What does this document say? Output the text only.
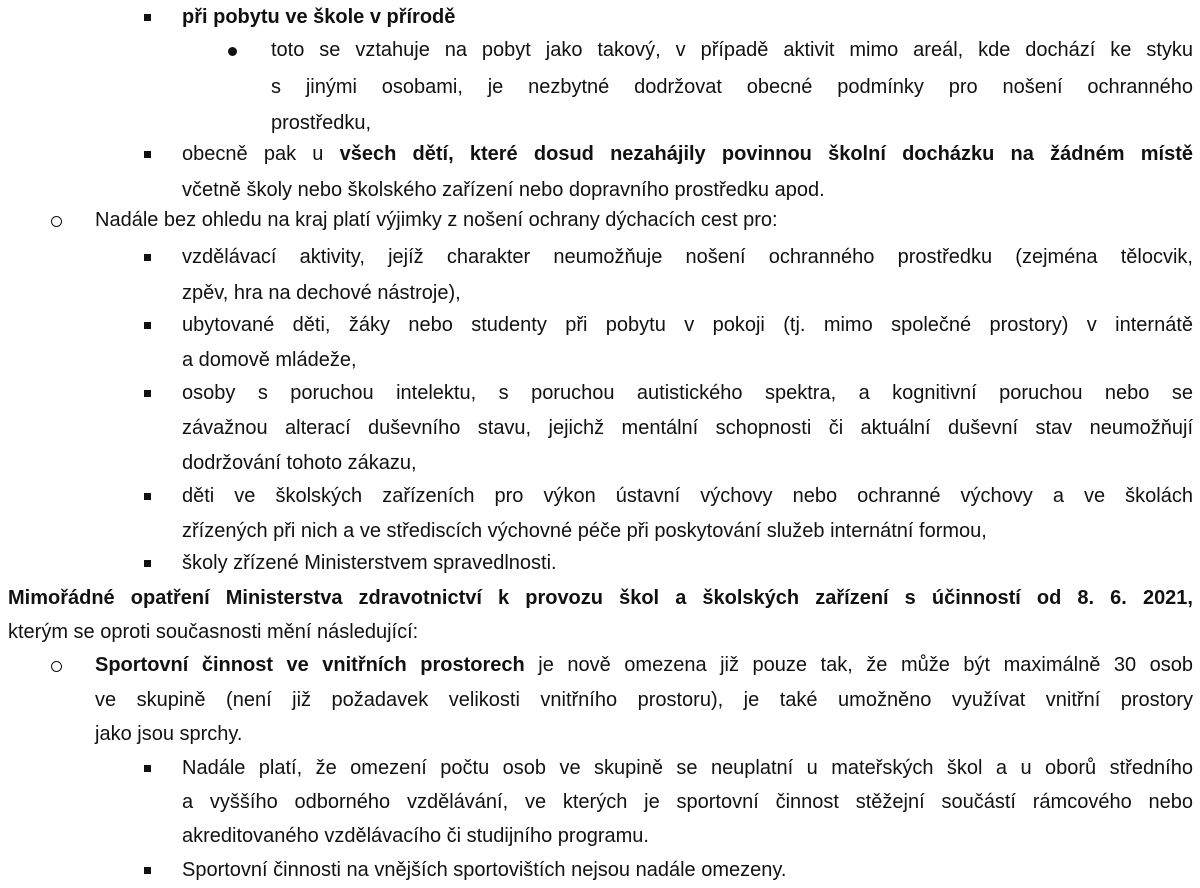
při pobytu ve škole v přírodě
toto se vztahuje na pobyt jako takový, v případě aktivit mimo areál, kde dochází ke styku
s jinými osobami, je nezbytné dodržovat obecné podmínky pro nošení ochranného
prostředku,
obecně pak u všech dětí, které dosud nezahájily povinnou školní docházku na žádném místě
včetně školy nebo školského zařízení nebo dopravního prostředku apod.
Nadále bez ohledu na kraj platí výjimky z nošení ochrany dýchacích cest pro:
vzdělávací aktivity, jejíž charakter neumožňuje nošení ochranného prostředku (zejména tělocvik,
zpěv, hra na dechové nástroje),
ubytované děti, žáky nebo studenty při pobytu v pokoji (tj. mimo společné prostory) v internátě
a domově mládeže,
osoby s poruchou intelektu, s poruchou autistického spektra, a kognitivní poruchou nebo se
závažnou alterací duševního stavu, jejichž mentální schopnosti či aktuální duševní stav neumožňují
dodržování tohoto zákazu,
děti ve školských zařízeních pro výkon ústavní výchovy nebo ochranné výchovy a ve školách
zřízených při nich a ve střediscích výchovné péče při poskytování služeb internátní formou,
školy zřízené Ministerstvem spravedlnosti.
Mimořádné opatření Ministerstva zdravotnictví k provozu škol a školských zařízení s účinností od 8. 6. 2021,
kterým se oproti současnosti mění následující:
Sportovní činnost ve vnitřních prostorech je nově omezena již pouze tak, že může být maximálně 30 osob
ve skupině (není již požadavek velikosti vnitřního prostoru), je také umožněno využívat vnitřní prostory
jako jsou sprchy.
Nadále platí, že omezení počtu osob ve skupině se neuplatní u mateřských škol a u oborů středního
a vyššího odborného vzdělávání, ve kterých je sportovní činnost stěžejní součástí rámcového nebo
akreditovaného vzdělávacího či studijního programu.
Sportovní činnosti na vnějších sportovištích nejsou nadále omezeny.
